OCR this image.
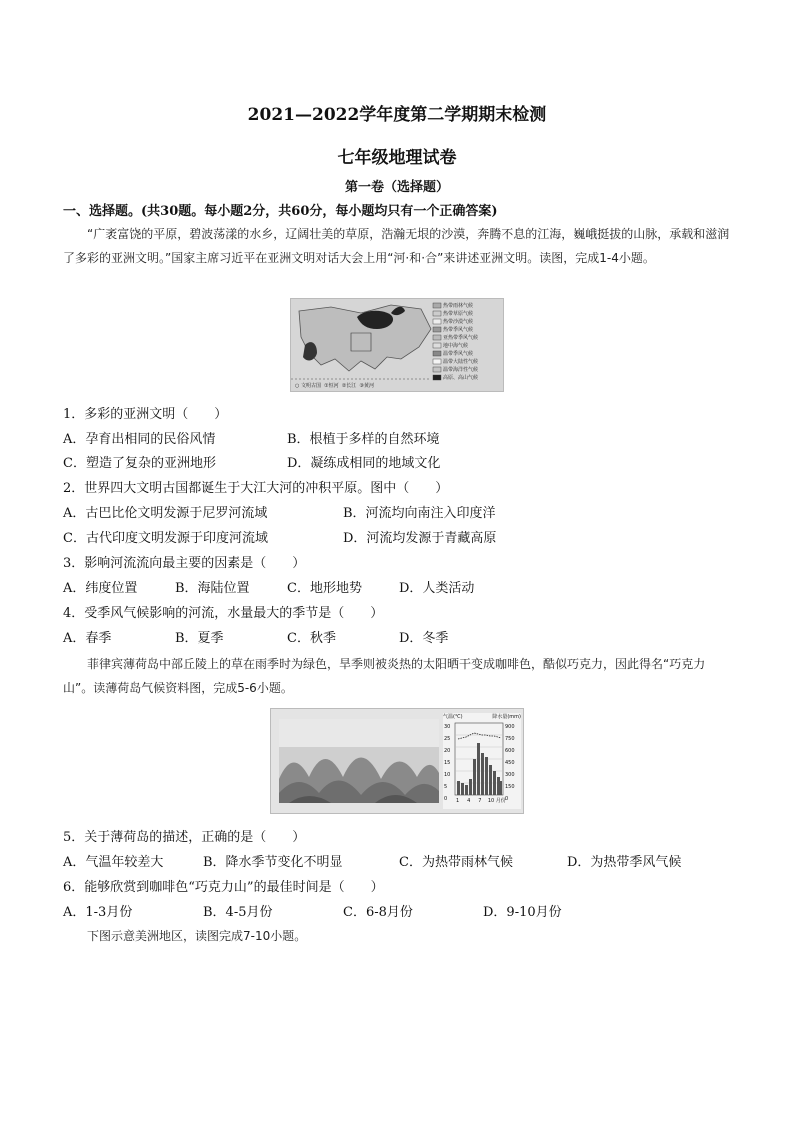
2021—2022学年度第二学期期末检测
七年级地理试卷
第一卷（选择题）
一、选择题。(共30题。每小题2分，共60分，每小题均只有一个正确答案)
“广袤富饶的平原，碧波荡漾的水乡，辽阔壮美的草原，浩瀚无垠的沙漠，奔腾不息的江海，巍峨挺拔的山脉，承载和滋润了多彩的亚洲文明。”国家主席习近平在亚洲文明对话大会上用“河·和·合”来讲述亚洲文明。读图，完成1-4小题。
热带雨林气候
热带草原气候
热带沙漠气候
热带季风气候
亚热带季风气候
地中海气候
温带季风气候
温带大陆性气候
温带海洋性气候
高原、高山气候
○ 文明古国 ①恒河 ②长江 ③黄河
1．多彩的亚洲文明（　　）
A．孕育出相同的民俗风情	B．根植于多样的自然环境
C．塑造了复杂的亚洲地形	D．凝练成相同的地域文化
2．世界四大文明古国都诞生于大江大河的冲积平原。图中（　　）
A．古巴比伦文明发源于尼罗河流域	B．河流均向南注入印度洋
C．古代印度文明发源于印度河流域	D．河流均发源于青藏高原
3．影响河流流向最主要的因素是（　　）
A．纬度位置	B．海陆位置	C．地形地势	D．人类活动
4．受季风气候影响的河流，水量最大的季节是（　　）
A．春季	B．夏季	C．秋季	D．冬季
菲律宾薄荷岛中部丘陵上的草在雨季时为绿色，旱季则被炎热的太阳晒干变成咖啡色，酷似巧克力，因此得名“巧克力山”。读薄荷岛气候资料图，完成5-6小题。
气温(℃)	降水量(mm)
30
25
20
15
10
5
0
900
750
600
450
300
150
0
1 4 7 10 月份
5．关于薄荷岛的描述，正确的是（　　）
A．气温年较差大	B．降水季节变化不明显	C．为热带雨林气候	D．为热带季风气候
6．能够欣赏到咖啡色“巧克力山”的最佳时间是（　　）
A．1-3月份	B．4-5月份	C．6-8月份	D．9-10月份
下图示意美洲地区，读图完成7-10小题。
